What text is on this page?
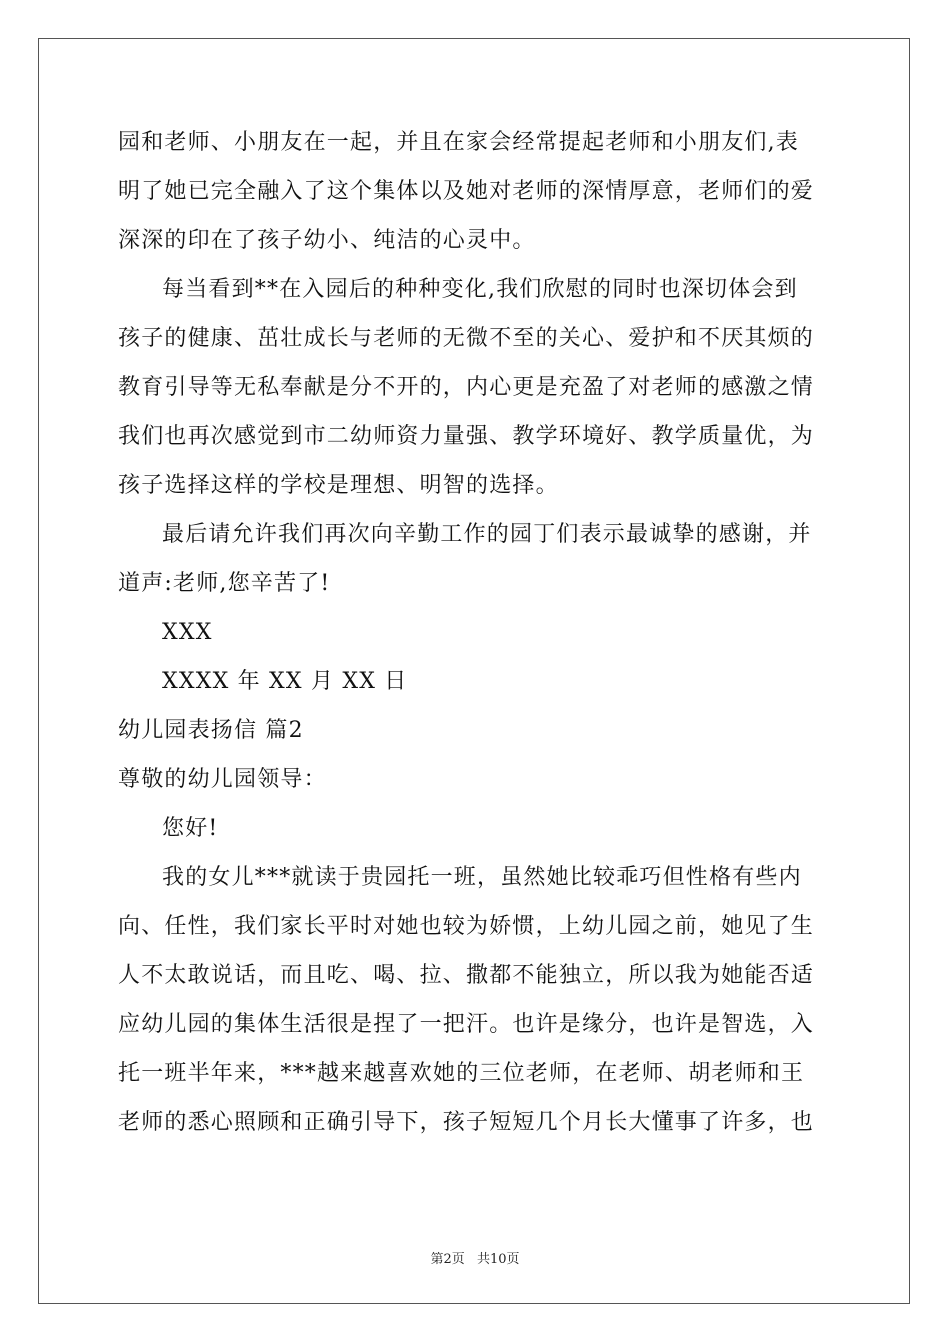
园和老师、小朋友在一起，并且在家会经常提起老师和小朋友们,表
明了她已完全融入了这个集体以及她对老师的深情厚意，老师们的爱
深深的印在了孩子幼小、纯洁的心灵中。
每当看到**在入园后的种种变化,我们欣慰的同时也深切体会到
孩子的健康、茁壮成长与老师的无微不至的关心、爱护和不厌其烦的
教育引导等无私奉献是分不开的，内心更是充盈了对老师的感激之情
我们也再次感觉到市二幼师资力量强、教学环境好、教学质量优，为
孩子选择这样的学校是理想、明智的选择。
最后请允许我们再次向辛勤工作的园丁们表示最诚挚的感谢，并
道声:老师,您辛苦了!
XXX
XXXX 年 XX 月 XX 日
幼儿园表扬信 篇2
尊敬的幼儿园领导：
您好!
我的女儿***就读于贵园托一班，虽然她比较乖巧但性格有些内
向、任性，我们家长平时对她也较为娇惯，上幼儿园之前，她见了生
人不太敢说话，而且吃、喝、拉、撒都不能独立，所以我为她能否适
应幼儿园的集体生活很是捏了一把汗。也许是缘分，也许是智选，入
托一班半年来，***越来越喜欢她的三位老师，在老师、胡老师和王
老师的悉心照顾和正确引导下，孩子短短几个月长大懂事了许多，也
第2页 共10页
